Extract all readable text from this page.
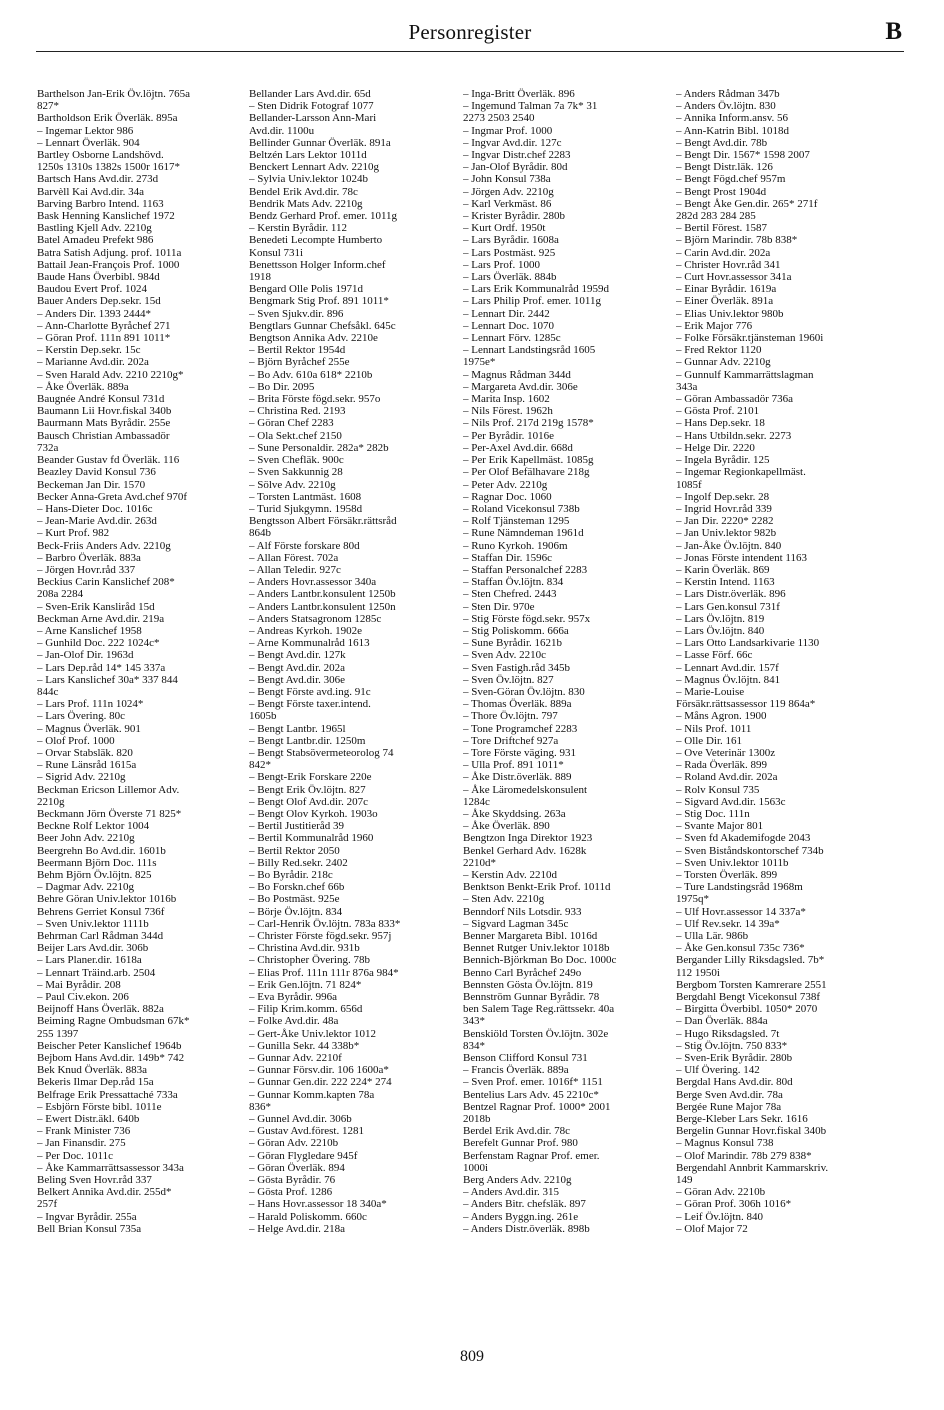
Personregister	B
Barthelson Jan-Erik Öv.löjtn. 765a
827*
Bartholdson Erik Överläk. 895a
– Ingemar Lektor 986
– Lennart Överläk. 904
Bartley Osborne Landshövd.
1250s 1310s 1382s 1500r 1617*
Bartsch Hans Avd.dir. 273d
Barvèll Kai Avd.dir. 34a
Barving Barbro Intend. 1163
Bask Henning Kanslichef 1972
Bastling Kjell Adv. 2210g
Batel Amadeu Prefekt 986
Batra Satish Adjung. prof. 1011a
Battail Jean-François Prof. 1000
Baude Hans Överbibl. 984d
Baudou Evert Prof. 1024
Bauer Anders Dep.sekr. 15d
– Anders Dir. 1393 2444*
– Ann-Charlotte Byråchef 271
– Göran Prof. 111n 891 1011*
– Kerstin Dep.sekr. 15c
– Marianne Avd.dir. 202a
– Sven Harald Adv. 2210 2210g*
– Åke Överläk. 889a
Baugnée André Konsul 731d
Baumann Lii Hovr.fiskal 340b
Baurmann Mats Byrådir. 255e
Bausch Christian Ambassadör
732a
Beander Gustav fd Överläk. 116
Beazley David Konsul 736
Beckeman Jan Dir. 1570
Becker Anna-Greta Avd.chef 970f
– Hans-Dieter Doc. 1016c
– Jean-Marie Avd.dir. 263d
– Kurt Prof. 982
Beck-Friis Anders Adv. 2210g
– Barbro Överläk. 883a
– Jörgen Hovr.råd 337
Beckius Carin Kanslichef 208*
208a 2284
– Sven-Erik Kansliråd 15d
Beckman Arne Avd.dir. 219a
– Arne Kanslichef 1958
– Gunhild Doc. 222 1024c*
– Jan-Olof Dir. 1963d
– Lars Dep.råd 14* 145 337a
– Lars Kanslichef 30a* 337 844
844c
– Lars Prof. 111n 1024*
– Lars Övering. 80c
– Magnus Överläk. 901
– Olof Prof. 1000
– Orvar Stabsläk. 820
– Rune Länsråd 1615a
– Sigrid Adv. 2210g
Beckman Ericson Lillemor Adv.
2210g
Beckmann Jörn Överste 71 825*
Beckne Rolf Lektor 1004
Beer John Adv. 2210g
Beergrehn Bo Avd.dir. 1601b
Beermann Björn Doc. 111s
Behm Björn Öv.löjtn. 825
– Dagmar Adv. 2210g
Behre Göran Univ.lektor 1016b
Behrens Gerriet Konsul 736f
– Sven Univ.lektor 1111b
Behrman Carl Rådman 344d
Beijer Lars Avd.dir. 306b
– Lars Planer.dir. 1618a
– Lennart Träind.arb. 2504
– Mai Byrådir. 208
– Paul Civ.ekon. 206
Beijnoff Hans Överläk. 882a
Beiming Ragne Ombudsman 67k*
255 1397
Beischer Peter Kanslichef 1964b
Bejbom Hans Avd.dir. 149b* 742
Bek Knud Överläk. 883a
Bekeris Ilmar Dep.råd 15a
Belfrage Erik Pressattaché 733a
– Esbjörn Förste bibl. 1011e
– Ewert Distr.äkl. 640b
– Frank Minister 736
– Jan Finansdir. 275
– Per Doc. 1011c
– Åke Kammarrättsassessor 343a
Beling Sven Hovr.råd 337
Belkert Annika Avd.dir. 255d*
257f
– Ingvar Byrådir. 255a
Bell Brian Konsul 735a
Bellander Lars Avd.dir. 65d
– Sten Didrik Fotograf 1077
Bellander-Larsson Ann-Mari
Avd.dir. 1100u
Bellinder Gunnar Överläk. 891a
Beltzén Lars Lektor 1011d
Benckert Lennart Adv. 2210g
– Sylvia Univ.lektor 1024b
Bendel Erik Avd.dir. 78c
Bendrik Mats Adv. 2210g
Bendz Gerhard Prof. emer. 1011g
– Kerstin Byrådir. 112
Benedeti Lecompte Humberto
Konsul 731i
Benettsson Holger Inform.chef
1918
Bengard Olle Polis 1971d
Bengmark Stig Prof. 891 1011*
– Sven Sjukv.dir. 896
Bengtlars Gunnar Chefsåkl. 645c
Bengtson Annika Adv. 2210e
– Bertil Rektor 1954d
– Björn Byråchef 255e
– Bo Adv. 610a 618* 2210b
– Bo Dir. 2095
– Brita Förste fögd.sekr. 957o
– Christina Red. 2193
– Göran Chef 2283
– Ola Sekt.chef 2150
– Sune Personaldir. 282a* 282b
– Sven Chefläk. 900c
– Sven Sakkunnig 28
– Sölve Adv. 2210g
– Torsten Lantmäst. 1608
– Turid Sjukgymn. 1958d
Bengtsson Albert Försäkr.rättsråd
864b
– Alf Förste forskare 80d
– Allan Förest. 702a
– Allan Teledir. 927c
– Anders Hovr.assessor 340a
– Anders Lantbr.konsulent 1250b
– Anders Lantbr.konsulent 1250n
– Anders Statsagronom 1285c
– Andreas Kyrkoh. 1902e
– Arne Kommunalråd 1613
– Bengt Avd.dir. 127k
– Bengt Avd.dir. 202a
– Bengt Avd.dir. 306e
– Bengt Förste avd.ing. 91c
– Bengt Förste taxer.intend.
1605b
– Bengt Lantbr. 1965l
– Bengt Lantbr.dir. 1250m
– Bengt Stabsövermeteorolog 74
842*
– Bengt-Erik Forskare 220e
– Bengt Erik Öv.löjtn. 827
– Bengt Olof Avd.dir. 207c
– Bengt Olov Kyrkoh. 1903o
– Bertil Justitieråd 39
– Bertil Kommunalråd 1960
– Bertil Rektor 2050
– Billy Red.sekr. 2402
– Bo Byrådir. 218c
– Bo Forskn.chef 66b
– Bo Postmäst. 925e
– Börje Öv.löjtn. 834
– Carl-Henrik Öv.löjtn. 783a 833*
– Christer Förste fögd.sekr. 957j
– Christina Avd.dir. 931b
– Christopher Övering. 78b
– Elias Prof. 111n 111r 876a 984*
– Erik Gen.löjtn. 71 824*
– Eva Byrådir. 996a
– Filip Krim.komm. 656d
– Folke Avd.dir. 48a
– Gert-Åke Univ.lektor 1012
– Gunilla Sekr. 44 338b*
– Gunnar Adv. 2210f
– Gunnar Försv.dir. 106 1600a*
– Gunnar Gen.dir. 222 224* 274
– Gunnar Komm.kapten 78a
836*
– Gunnel Avd.dir. 306b
– Gustav Avd.förest. 1281
– Göran Adv. 2210b
– Göran Flygledare 945f
– Göran Överläk. 894
– Gösta Byrådir. 76
– Gösta Prof. 1286
– Hans Hovr.assessor 18 340a*
– Harald Poliskomm. 660c
– Helge Avd.dir. 218a
– Inga-Britt Överläk. 896
– Ingemund Talman 7a 7k* 31
2273 2503 2540
– Ingmar Prof. 1000
– Ingvar Avd.dir. 127c
– Ingvar Distr.chef 2283
– Jan-Olof Byrådir. 80d
– John Konsul 738a
– Jörgen Adv. 2210g
– Karl Verkmäst. 86
– Krister Byrådir. 280b
– Kurt Ordf. 1950t
– Lars Byrådir. 1608a
– Lars Postmäst. 925
– Lars Prof. 1000
– Lars Överläk. 884b
– Lars Erik Kommunalråd 1959d
– Lars Philip Prof. emer. 1011g
– Lennart Dir. 2442
– Lennart Doc. 1070
– Lennart Förv. 1285c
– Lennart Landstingsråd 1605
1975e*
– Magnus Rådman 344d
– Margareta Avd.dir. 306e
– Marita Insp. 1602
– Nils Förest. 1962h
– Nils Prof. 217d 219g 1578*
– Per Byrådir. 1016e
– Per-Axel Avd.dir. 668d
– Per Erik Kapellmäst. 1085g
– Per Olof Befälhavare 218g
– Peter Adv. 2210g
– Ragnar Doc. 1060
– Roland Vicekonsul 738b
– Rolf Tjänsteman 1295
– Rune Nämndeman 1961d
– Runo Kyrkoh. 1906m
– Staffan Dir. 1596c
– Staffan Personalchef 2283
– Staffan Öv.löjtn. 834
– Sten Chefred. 2443
– Sten Dir. 970e
– Stig Förste fögd.sekr. 957x
– Stig Poliskomm. 666a
– Sune Byrådir. 1621b
– Sven Adv. 2210c
– Sven Fastigh.råd 345b
– Sven Öv.löjtn. 827
– Sven-Göran Öv.löjtn. 830
– Thomas Överläk. 889a
– Thore Öv.löjtn. 797
– Tone Programchef 2283
– Tore Driftchef 927a
– Tore Förste väging. 931
– Ulla Prof. 891 1011*
– Åke Distr.överläk. 889
– Åke Läromedelskonsulent
1284c
– Åke Skyddsing. 263a
– Åke Överläk. 890
Bengtzon Inga Direktor 1923
Benkel Gerhard Adv. 1628k
2210d*
– Kerstin Adv. 2210d
Benktson Benkt-Erik Prof. 1011d
– Sten Adv. 2210g
Benndorf Nils Lotsdir. 933
– Sigvard Lagman 345c
Benner Margareta Bibl. 1016d
Bennet Rutger Univ.lektor 1018b
Bennich-Björkman Bo Doc. 1000c
Benno Carl Byråchef 249o
Bennsten Gösta Öv.löjtn. 819
Bennström Gunnar Byrådir. 78
ben Salem Tage Reg.rättssekr. 40a
343*
Benskiöld Torsten Öv.löjtn. 302e
834*
Benson Clifford Konsul 731
– Francis Överläk. 889a
– Sven Prof. emer. 1016f* 1151
Bentelius Lars Adv. 45 2210c*
Bentzel Ragnar Prof. 1000* 2001
2018b
Berdel Erik Avd.dir. 78c
Berefelt Gunnar Prof. 980
Berfenstam Ragnar Prof. emer.
1000i
Berg Anders Adv. 2210g
– Anders Avd.dir. 315
– Anders Bitr. chefsläk. 897
– Anders Byggn.ing. 261e
– Anders Distr.överläk. 898b
– Anders Rådman 347b
– Anders Öv.löjtn. 830
– Annika Inform.ansv. 56
– Ann-Katrin Bibl. 1018d
– Bengt Avd.dir. 78b
– Bengt Dir. 1567* 1598 2007
– Bengt Distr.läk. 126
– Bengt Fögd.chef 957m
– Bengt Prost 1904d
– Bengt Åke Gen.dir. 265* 271f
282d 283 284 285
– Bertil Förest. 1587
– Björn Marindir. 78b 838*
– Carin Avd.dir. 202a
– Christer Hovr.råd 341
– Curt Hovr.assessor 341a
– Einar Byrådir. 1619a
– Einer Överläk. 891a
– Elias Univ.lektor 980b
– Erik Major 776
– Folke Försäkr.tjänsteman 1960i
– Fred Rektor 1120
– Gunnar Adv. 2210g
– Gunnulf Kammarrättslagman
343a
– Göran Ambassadör 736a
– Gösta Prof. 2101
– Hans Dep.sekr. 18
– Hans Utbildn.sekr. 2273
– Helge Dir. 2220
– Ingela Byrådir. 125
– Ingemar Regionkapellmäst.
1085f
– Ingolf Dep.sekr. 28
– Ingrid Hovr.råd 339
– Jan Dir. 2220* 2282
– Jan Univ.lektor 982b
– Jan-Åke Öv.löjtn. 840
– Jonas Förste intendent 1163
– Karin Överläk. 869
– Kerstin Intend. 1163
– Lars Distr.överläk. 896
– Lars Gen.konsul 731f
– Lars Öv.löjtn. 819
– Lars Öv.löjtn. 840
– Lars Otto Landsarkivarie 1130
– Lasse Förf. 66c
– Lennart Avd.dir. 157f
– Magnus Öv.löjtn. 841
– Marie-Louise
Försäkr.rättsassessor 119 864a*
– Måns Agron. 1900
– Nils Prof. 1011
– Olle Dir. 161
– Ove Veterinär 1300z
– Rada Överläk. 899
– Roland Avd.dir. 202a
– Rolv Konsul 735
– Sigvard Avd.dir. 1563c
– Stig Doc. 111n
– Svante Major 801
– Sven fd Akademifogde 2043
– Sven Biståndskontorschef 734b
– Sven Univ.lektor 1011b
– Torsten Överläk. 899
– Ture Landstingsråd 1968m
1975q*
– Ulf Hovr.assessor 14 337a*
– Ulf Rev.sekr. 14 39a*
– Ulla Lär. 986b
– Åke Gen.konsul 735c 736*
Bergander Lilly Riksdagsled. 7b*
112 1950i
Bergbom Torsten Kamrerare 2551
Bergdahl Bengt Vicekonsul 738f
– Birgitta Överbibl. 1050* 2070
– Dan Överläk. 884a
– Hugo Riksdagsled. 7t
– Stig Öv.löjtn. 750 833*
– Sven-Erik Byrådir. 280b
– Ulf Övering. 142
Bergdal Hans Avd.dir. 80d
Berge Sven Avd.dir. 78a
Bergée Rune Major 78a
Berge-Kleber Lars Sekr. 1616
Bergelin Gunnar Hovr.fiskal 340b
– Magnus Konsul 738
– Olof Marindir. 78b 279 838*
Bergendahl Annbrit Kammarskriv.
149
– Göran Adv. 2210b
– Göran Prof. 306h 1016*
– Leif Öv.löjtn. 840
– Olof Major 72
809
